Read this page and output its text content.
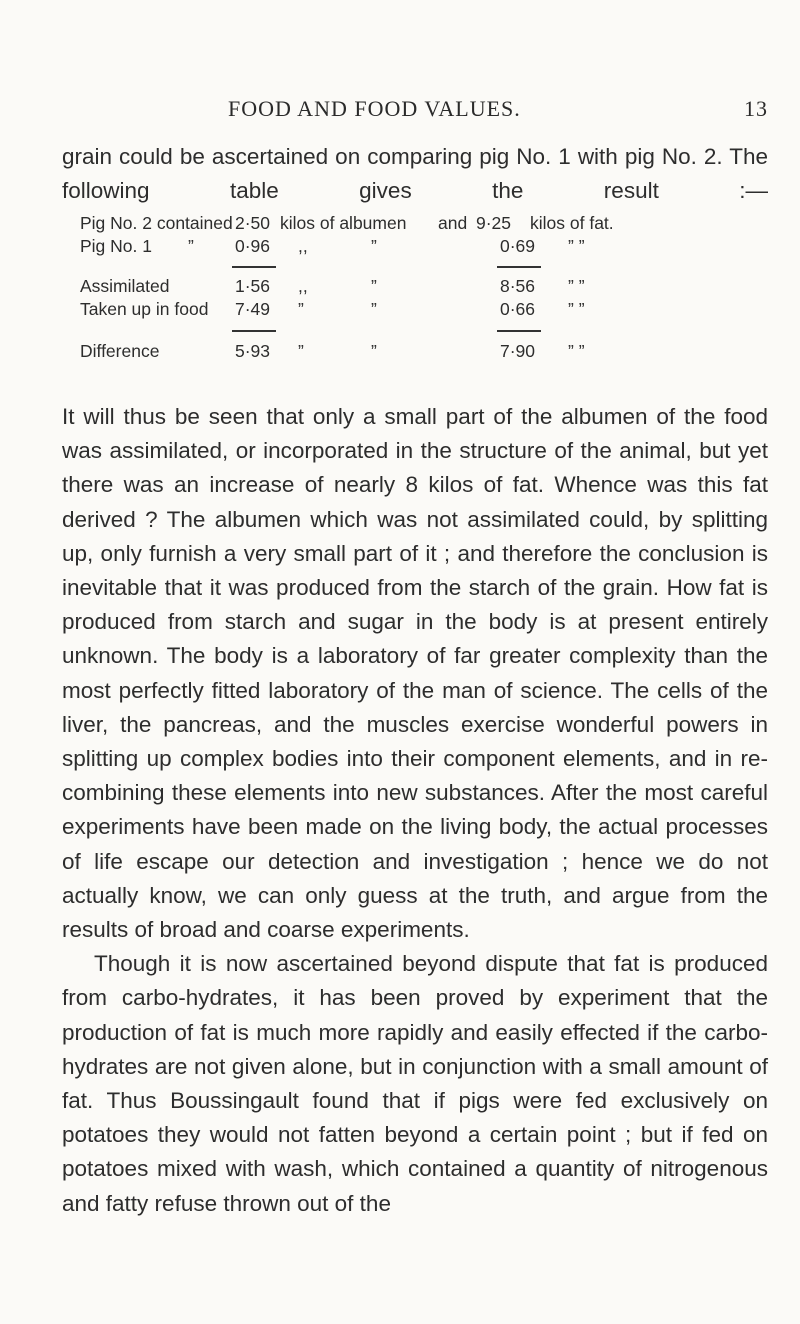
FOOD AND FOOD VALUES.	13

grain could be ascertained on comparing pig No. 1 with pig No. 2. The following table gives the result :—

Pig No. 2 contained 2·50 kilos of albumen and 9·25 kilos of fat.
Pig No. 1 ” 0·96 ,,	”	0·69 ” ”
Assimilated	1·56 ,,	”	8·56 ” ”
Taken up in food 7·49 ”	”	0·66 ” ”
Difference	5·93 ”	”	7·90 ” ”

It will thus be seen that only a small part of the albumen of the food was assimilated, or incorporated in the structure of the animal, but yet there was an increase of nearly 8 kilos of fat. Whence was this fat derived ? The albumen which was not assimilated could, by splitting up, only furnish a very small part of it ; and therefore the conclusion is inevitable that it was produced from the starch of the grain. How fat is produced from starch and sugar in the body is at present entirely unknown. The body is a laboratory of far greater complexity than the most perfectly fitted laboratory of the man of science. The cells of the liver, the pancreas, and the muscles exercise wonderful powers in splitting up complex bodies into their component elements, and in re-combining these elements into new substances. After the most careful experiments have been made on the living body, the actual processes of life escape our detection and investigation ; hence we do not actually know, we can only guess at the truth, and argue from the results of broad and coarse experiments.

Though it is now ascertained beyond dispute that fat is produced from carbo-hydrates, it has been proved by experiment that the production of fat is much more rapidly and easily effected if the carbo-hydrates are not given alone, but in conjunction with a small amount of fat. Thus Boussingault found that if pigs were fed exclusively on potatoes they would not fatten beyond a certain point ; but if fed on potatoes mixed with wash, which contained a quantity of nitrogenous and fatty refuse thrown out of the
